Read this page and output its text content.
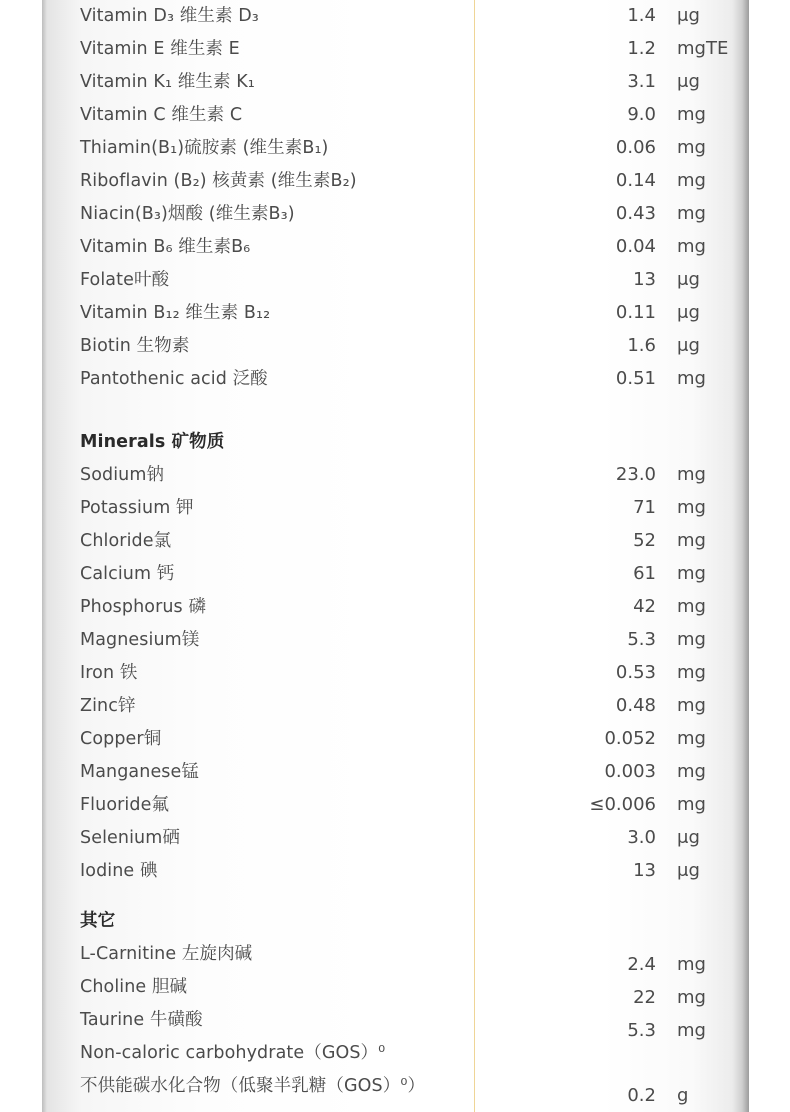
Vitamin D₃ 维生素 D₃	1.4 μg
Vitamin E 维生素 E	1.2 mgTE
Vitamin K₁ 维生素 K₁	3.1 μg
Vitamin C 维生素 C	9.0 mg
Thiamin(B₁)硫胺素 (维生素B₁)	0.06 mg
Riboflavin (B₂) 核黄素 (维生素B₂)	0.14 mg
Niacin(B₃)烟酸 (维生素B₃)	0.43 mg
Vitamin B₆ 维生素B₆	0.04 mg
Folate叶酸	13 μg
Vitamin B₁₂ 维生素 B₁₂	0.11 μg
Biotin 生物素	1.6 μg
Pantothenic acid 泛酸	0.51 mg
Minerals 矿物质
Sodium钠	23.0 mg
Potassium 钾	71 mg
Chloride氯	52 mg
Calcium 钙	61 mg
Phosphorus 磷	42 mg
Magnesium镁	5.3 mg
Iron 铁	0.53 mg
Zinc锌	0.48 mg
Copper铜	0.052 mg
Manganese锰	0.003 mg
Fluoride氟	≤0.006 mg
Selenium硒	3.0 μg
Iodine 碘	13 μg
其它
L-Carnitine 左旋肉碱	2.4 mg
Choline 胆碱	22 mg
Taurine 牛磺酸	5.3 mg
Non-caloric carbohydrate（GOS）⁰
不供能碳水化合物（低聚半乳糖（GOS）⁰）	0.2 g
